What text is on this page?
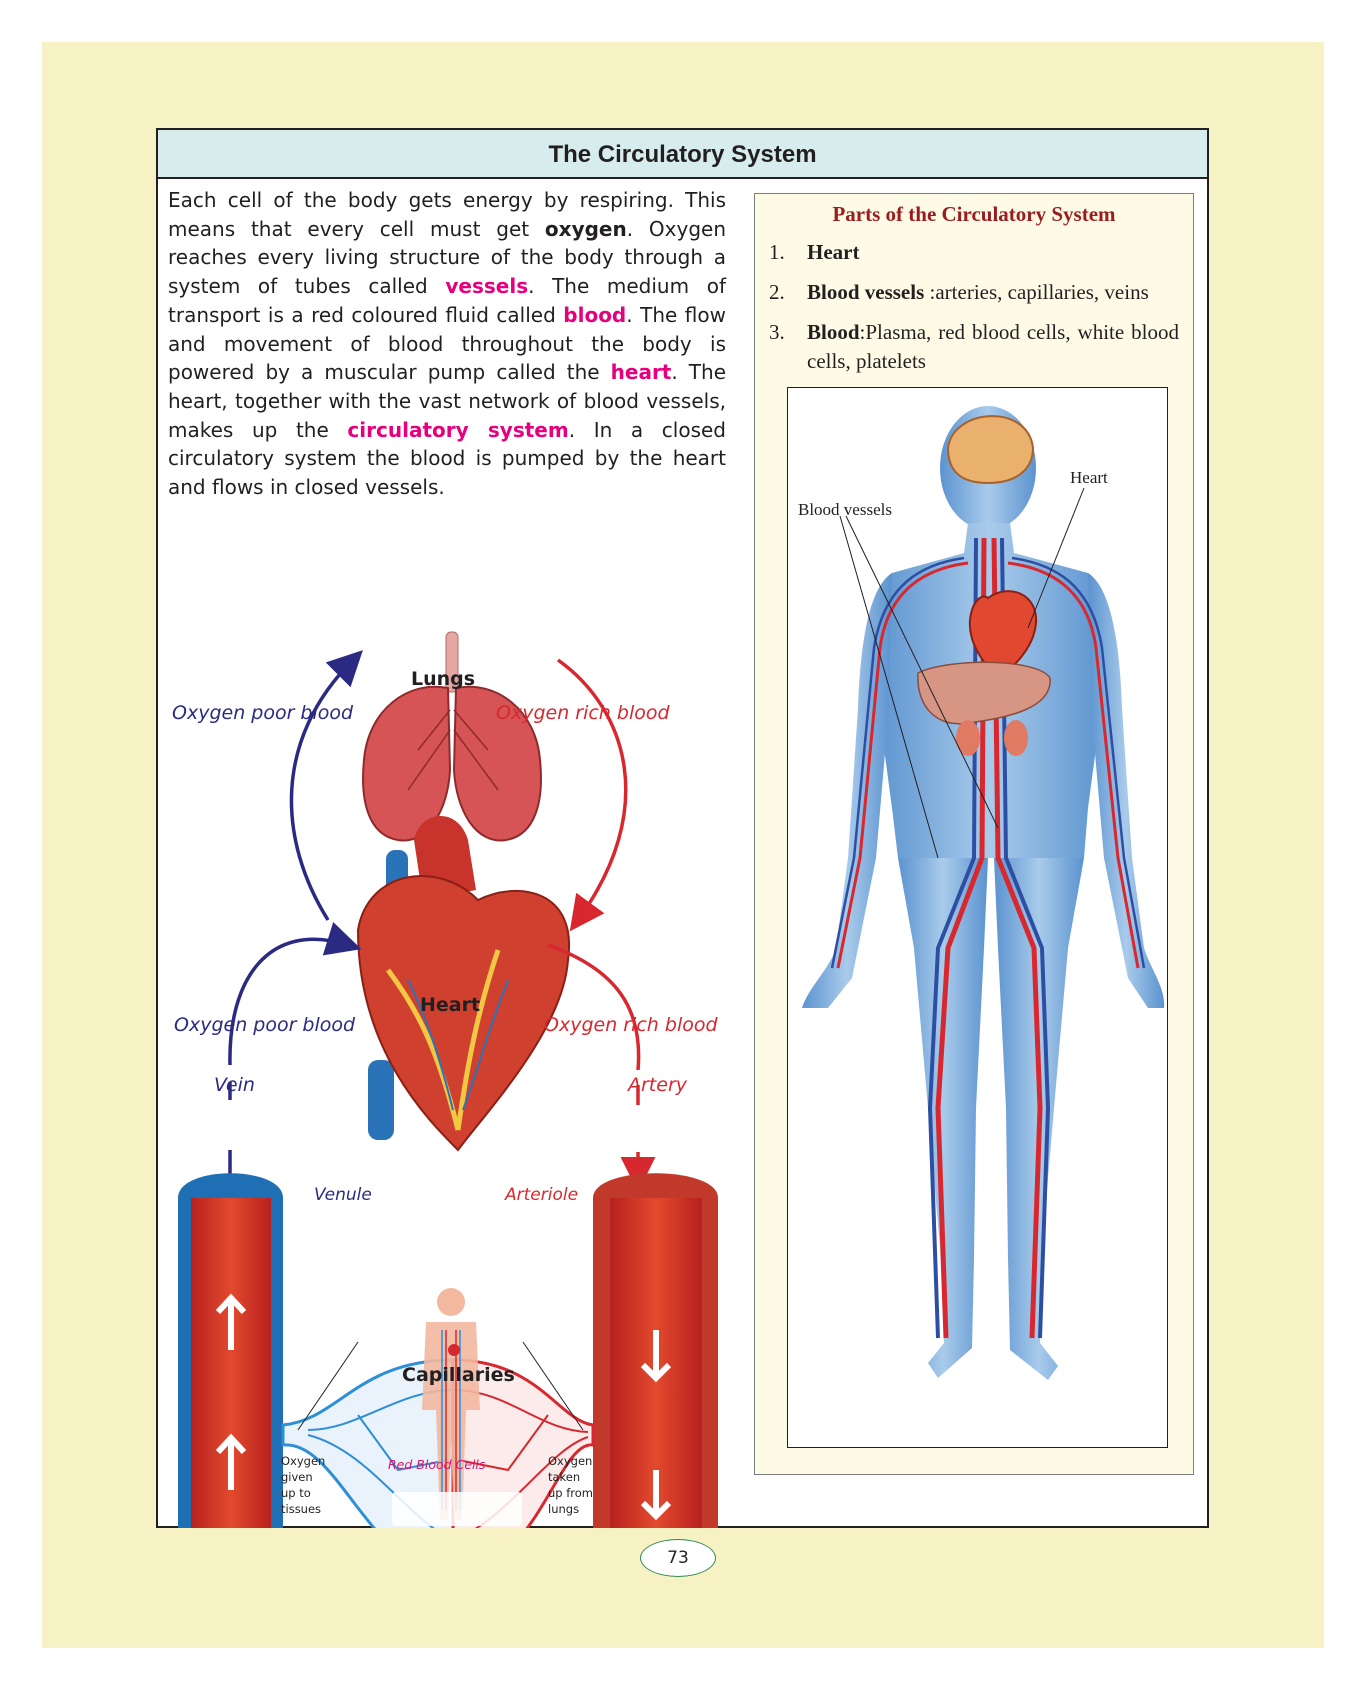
The Circulatory System
Each cell of the body gets energy by respiring. This means that every cell must get oxygen. Oxygen reaches every living structure of the body through a system of tubes called vessels. The medium of transport is a red coloured fluid called blood. The flow and movement of blood throughout the body is powered by a muscular pump called the heart. The heart, together with the vast network of blood vessels, makes up the circulatory system. In a closed circulatory system the blood is pumped by the heart and flows in closed vessels.
Lungs
Oxygen poor blood	Oxygen rich blood
Heart
Oxygen poor blood	Oxygen rich blood
Vein	Artery
Venule	Arteriole
Capillaries
Oxygen
given
up to
tissues
Red Blood Cells	Oxygen
taken
up from
lungs
Parts of the Circulatory System
1. Heart
2. Blood vessels :arteries, capillaries, veins
3. Blood:Plasma, red blood cells, white blood cells, platelets
Blood vessels
Heart
73
